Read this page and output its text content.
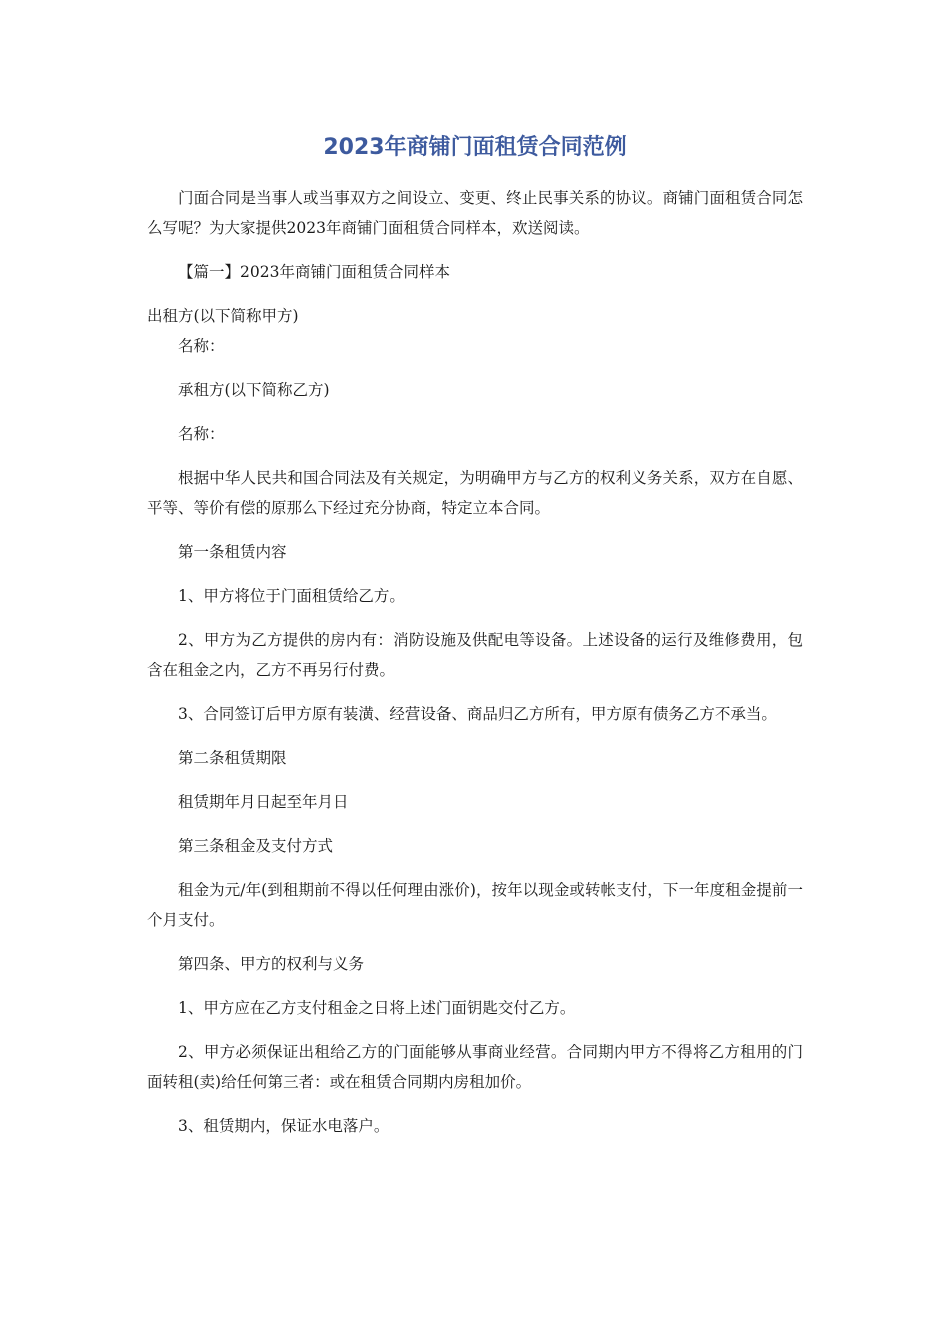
2023年商铺门面租赁合同范例

门面合同是当事人或当事双方之间设立、变更、终止民事关系的协议。商铺门面租赁合同怎么写呢？为大家提供2023年商铺门面租赁合同样本，欢送阅读。

【篇一】2023年商铺门面租赁合同样本

出租方(以下简称甲方)

名称：

承租方(以下简称乙方)

名称：

根据中华人民共和国合同法及有关规定，为明确甲方与乙方的权利义务关系，双方在自愿、平等、等价有偿的原那么下经过充分协商，特定立本合同。

第一条租赁内容

1、甲方将位于门面租赁给乙方。

2、甲方为乙方提供的房内有：消防设施及供配电等设备。上述设备的运行及维修费用，包含在租金之内，乙方不再另行付费。

3、合同签订后甲方原有装潢、经营设备、商品归乙方所有，甲方原有债务乙方不承当。

第二条租赁期限

租赁期年月日起至年月日

第三条租金及支付方式

租金为元/年(到租期前不得以任何理由涨价)，按年以现金或转帐支付，下一年度租金提前一个月支付。

第四条、甲方的权利与义务

1、甲方应在乙方支付租金之日将上述门面钥匙交付乙方。

2、甲方必须保证出租给乙方的门面能够从事商业经营。合同期内甲方不得将乙方租用的门面转租(卖)给任何第三者：或在租赁合同期内房租加价。

3、租赁期内，保证水电落户。
